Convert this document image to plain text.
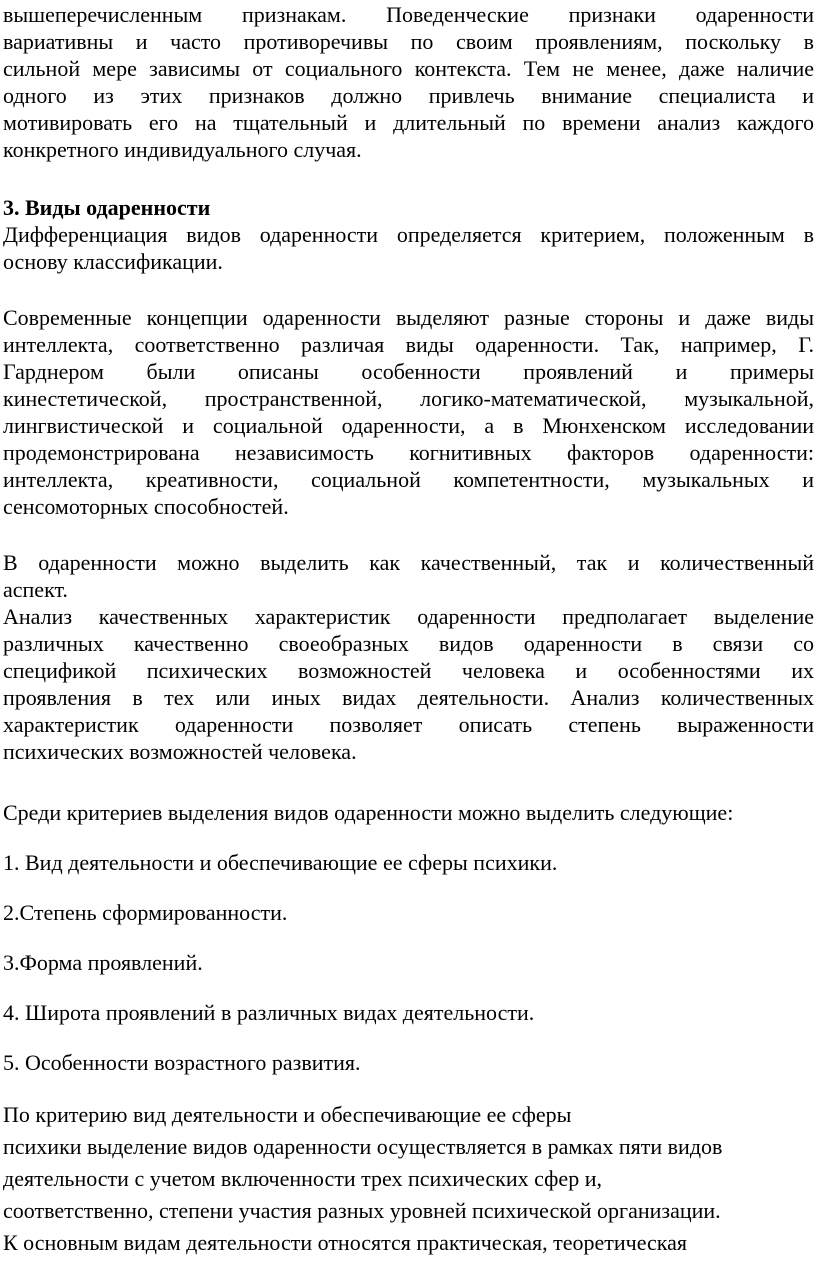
вышеперечисленным признакам. Поведенческие признаки одаренности
вариативны и часто противоречивы по своим проявлениям, поскольку в
сильной мере зависимы от социального контекста. Тем не менее, даже наличие
одного из этих признаков должно привлечь внимание специалиста и
мотивировать его на тщательный и длительный по времени анализ каждого
конкретного индивидуального случая.
3. Виды одаренности
Дифференциация видов одаренности определяется критерием, положенным в
основу классификации.
Современные концепции одаренности выделяют разные стороны и даже виды
интеллекта, соответственно различая виды одаренности. Так, например, Г.
Гарднером были описаны особенности проявлений и примеры
кинестетической, пространственной, логико-математической, музыкальной,
лингвистической и социальной одаренности, а в Мюнхенском исследовании
продемонстрирована независимость когнитивных факторов одаренности:
интеллекта, креативности, социальной компетентности, музыкальных и
сенсомоторных способностей.
В одаренности можно выделить как качественный, так и количественный
аспект.
Анализ качественных характеристик одаренности предполагает выделение
различных качественно своеобразных видов одаренности в связи со
спецификой психических возможностей человека и особенностями их
проявления в тех или иных видах деятельности. Анализ количественных
характеристик одаренности позволяет описать степень выраженности
психических возможностей человека.
Среди критериев выделения видов одаренности можно выделить следующие:
1. Вид деятельности и обеспечивающие ее сферы психики.
2.Степень сформированности.
3.Форма проявлений.
4. Широта проявлений в различных видах деятельности.
5. Особенности возрастного развития.
По критерию вид деятельности и обеспечивающие ее сферы
психики выделение видов одаренности осуществляется в рамках пяти видов
деятельности с учетом включенности трех психических сфер и,
соответственно, степени участия разных уровней психической организации.
К основным видам деятельности относятся практическая, теоретическая
